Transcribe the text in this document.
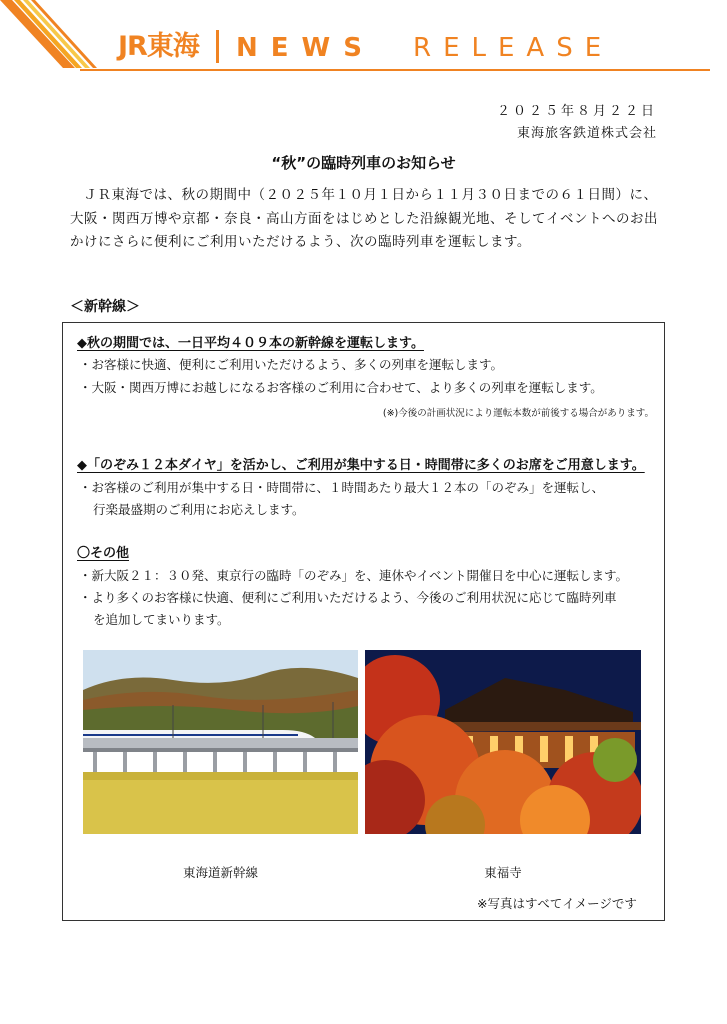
JR東海 NEWS RELEASE
２０２５年８月２２日
東海旅客鉄道株式会社
“秋”の臨時列車のお知らせ

ＪＲ東海では、秋の期間中（２０２５年１０月１日から１１月３０日までの６１日間）に、大阪・関西万博や京都・奈良・高山方面をはじめとした沿線観光地、そしてイベントへのお出かけにさらに便利にご利用いただけるよう、次の臨時列車を運転します。

＜新幹線＞
◆秋の期間では、一日平均４０９本の新幹線を運転します。
・お客様に快適、便利にご利用いただけるよう、多くの列車を運転します。
・大阪・関西万博にお越しになるお客様のご利用に合わせて、より多くの列車を運転します。
(※)今後の計画状況により運転本数が前後する場合があります。
◆「のぞみ１２本ダイヤ」を活かし、ご利用が集中する日・時間帯に多くのお席をご用意します。
・お客様のご利用が集中する日・時間帯に、１時間あたり最大１２本の「のぞみ」を運転し、
行楽最盛期のご利用にお応えします。
〇その他
・新大阪２１：３０発、東京行の臨時「のぞみ」を、連休やイベント開催日を中心に運転します。
・より多くのお客様に快適、便利にご利用いただけるよう、今後のご利用状況に応じて臨時列車
を追加してまいります。
東海道新幹線	東福寺
※写真はすべてイメージです
